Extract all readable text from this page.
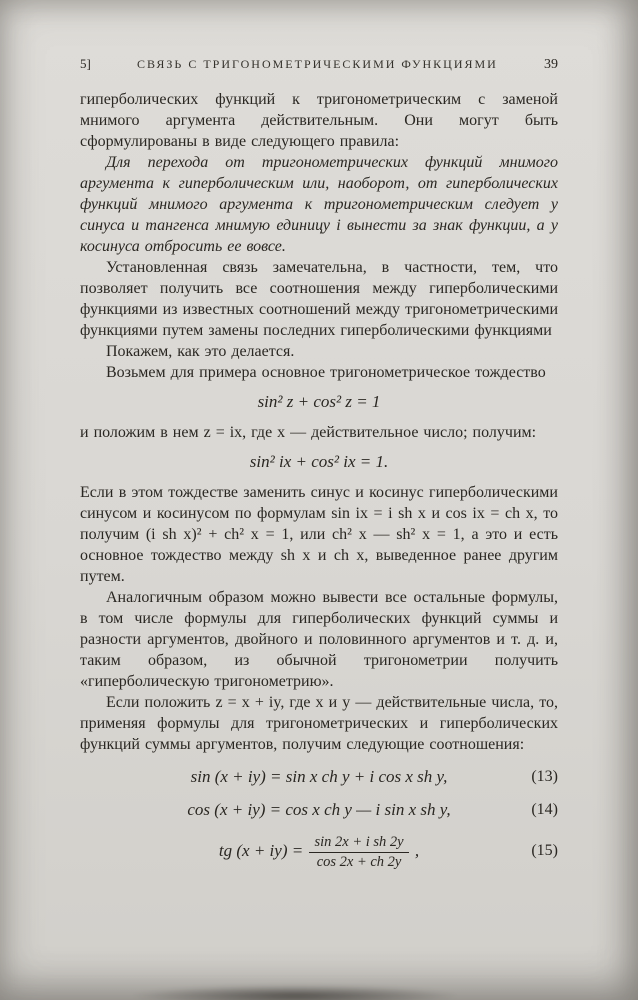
5]	СВЯЗЬ С ТРИГОНОМЕТРИЧЕСКИМИ ФУНКЦИЯМИ	39

гиперболических функций к тригонометрическим с заменой мнимого аргумента действительным. Они могут быть сформулированы в виде следующего правила:

Для перехода от тригонометрических функций мнимого аргумента к гиперболическим или, наоборот, от гиперболических функций мнимого аргумента к тригонометрическим следует у синуса и тангенса мнимую единицу i вынести за знак функции, а у косинуса отбросить ее вовсе.

Установленная связь замечательна, в частности, тем, что позволяет получить все соотношения между гиперболическими функциями из известных соотношений между тригонометрическими функциями путем замены последних гиперболическими функциями

Покажем, как это делается.

Возьмем для примера основное тригонометрическое тождество

sin² z + cos² z = 1

и положим в нем z = ix, где x — действительное число; получим:

sin² ix + cos² ix = 1.

Если в этом тождестве заменить синус и косинус гиперболическими синусом и косинусом по формулам sin ix = i sh x и cos ix = ch x, то получим (i sh x)² + ch² x = 1, или ch² x — sh² x = 1, а это и есть основное тождество между sh x и ch x, выведенное ранее другим путем.

Аналогичным образом можно вывести все остальные формулы, в том числе формулы для гиперболических функций суммы и разности аргументов, двойного и половинного аргументов и т. д. и, таким образом, из обычной тригонометрии получить «гиперболическую тригонометрию».

Если положить z = x + iy, где x и y — действительные числа, то, применяя формулы для тригонометрических и гиперболических функций суммы аргументов, получим следующие соотношения:

sin (x + iy) = sin x ch y + i cos x sh y,	(13)
cos (x + iy) = cos x ch y — i sin x sh y,	(14)
tg $(x + iy) = \frac{\text{sin 2x + i sh 2y}}{\cos 2x + ch 2y}$ ,	(15)
